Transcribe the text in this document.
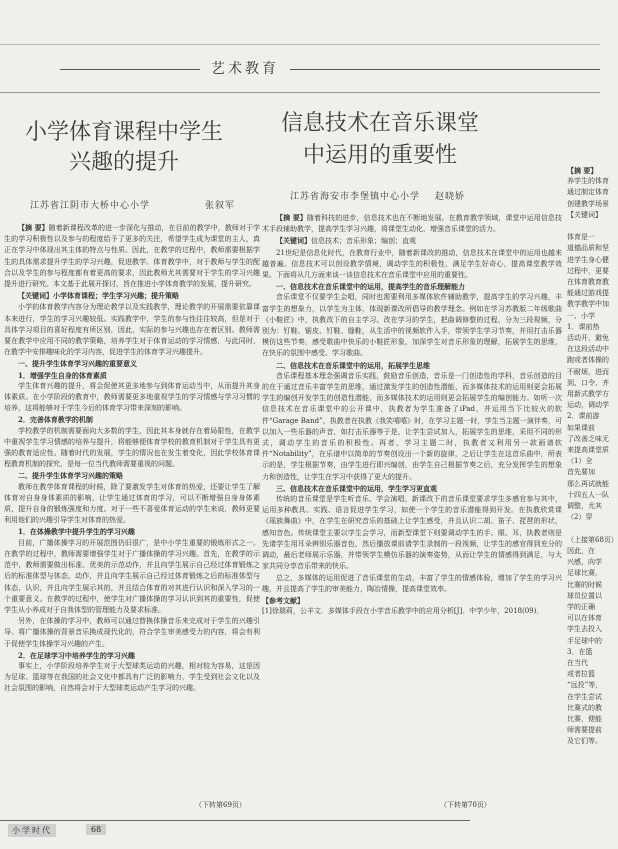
艺术教育
小学体育课程中学生
兴趣的提升
江苏省江阴市大桥中心小学	张叙军

【摘 要】随着新课程改革的进一步深化与推动，在目前的教学中，教师对于学生的学习积极性以及参与的程度给予了更多的关注，希望学生成为课堂的主人，真正在学习中体现出其主体的特点与性质。因此，在教学的过程中，教师需要根据学生的具体需求提升学生的学习兴趣，促进教学。体育教学中，对于教师与学生的配合以及学生的参与程度都有着更高的要求，因此教师尤其需要对于学生的学习兴趣提升进行研究。本文基于此展开探讨，旨在推进小学体育教学的发展，提升研究。

【关键词】小学体育课程；学生学习兴趣；提升策略

小学的体育教学内容分为理论教学以及实践教学，理论教学的开展需要依靠课本来进行，学生的学习兴趣较低。实践教学中，学生的参与性往往较高，但是对于具体学习项目的喜好程度有所区别，因此，实际的参与兴趣也存在着区别。教师需要在教学中应用不同的教学策略，培养学生对于体育运动的学习情感，与此同时，在教学中安排趣味化的学习内容，促进学生的体育学习兴趣提升。

一、提升学生体育学习兴趣的重要意义

1．增强学生自身的体育素质

学生体育兴趣的提升，将会促使其更多地参与到体育运动当中，从而提升其身体素质。在小学阶段的教育中，教师需要更多地重视学生的学习情感与学习习惯的培养，这将能够对于学生今后的体育学习带来深刻的影响。

2．完善体育教学的机制

学校教学的机制需要面向大多数的学生，因此其本身就存在着局限性，在教学中重视学生学习情感的培养与提升，将能够便体育学校的教育机制对于学生具有更强的教育适应性。随着时代的发展，学生的情况也在发生着变化，因此学校体育课程教育机制的探究，是每一位当代教师需要重视的问题。

二、提升学生体育学习兴趣的策略

教师在教学体育课程的时候，除了要激发学生对体育的热爱，还要让学生了解体育对自身身体素质的影响，让学生通过体育的学习，可以不断增强自身身体素质，提升自身的锻炼强度和力度。对于一些不喜爱体育运动的学生来说，教师更要利用他们的兴趣引导学生对体育的热爱。

1．在体操教学中提升学生的学习兴趣

目前，广播体操学习的开展范围仍旧很广，是中小学生重要的锻炼形式之一。在教学的过程中，教师需要增强学生对于广播体操的学习兴趣。首先，在教学的示范中，教师需要做出标准、优美的示范动作，并且向学生展示自己经过体育锻炼之后的标准体型与体态，动作，并且向学生展示自己经过体育锻炼之后的标准体型与体态，认识，并且向学生展示其的，并且结合体育的对其进行认识和深入学习的一个重要意义。在教学的过程中，使学生对广播体操的学习认识到其的重要性，促使学生从小养成对于自我体型的管理能力及要求标准。

另外，在体操的学习中，教师可以通过替换体操音乐来完成对于学生的兴趣引导。将广播体操的背景音乐换成现代化的，符合学生审美感受力的内容，将会有利于促使学生体操学习兴趣的产生。

2．在足球学习中培养学生的学习兴趣

事实上，小学阶段培养学生对于大型球类运动的兴趣，相对较为容易，这是因为足球、篮球等在我国的社会文化中都具有广泛的影响力，学生受到社会文化以及社会氛围的影响，自然将会对于大型球类运动产生学习的兴趣。

（下转第69页）
信息技术在音乐课堂
中运用的重要性
江苏省海安市李堡镇中心小学 赵晓娇

【摘 要】随着科技的进步，信息技术也在不断地发展。在教育教学领域，课堂中运用信息技术手段辅助教学，提高学生学习兴趣，将课堂生动化，增强音乐课堂的活力。

【关键词】信息技术；音乐形象；编创；直观

21世纪是信息化时代，在教育行业中，随着新课改的推动，信息技术在课堂中的运用也越来越普遍。信息技术可以创设教学情境，调动学生的积极性，满足学生好奇心，提高课堂教学效果。下面将从几方面来谈一谈信息技术在音乐课堂中应用的重要性。

一、信息技术在音乐课堂中的运用，提高学生的音乐理解能力

音乐课堂不仅要学生会唱，同时也需要利用多媒体软件辅助教学，提高学生的学习兴趣，丰富学生的想象力，以学生为主体，体现新课改所倡导的教学理念。例如在学习苏教版二年级歌曲《小鞋匠》中，执教改下的自主学习。改在学习的学生，把曲调修整的过程，分为三段视频，分别为：钉鞋、锯皮、钉鞋、缝鞋，从生活中的视频软件入手，带领学生学习节奏，并用打击乐器模仿这些节奏，感受歌曲中快乐的小鞋匠形象，加深学生对音乐形象的理解，拓展学生的思维，在快乐的氛围中感受、学习歌曲。

二、信息技术在音乐课堂中的运用，拓展学生思维

音乐课程基本理念强调音乐实践，鼓励音乐创造，音乐是一门创造性的学科，音乐创造的目的在于通过音乐丰富学生的思维，通过激发学生的创造性潜能，而多媒体技术的运用则更会拓展学生的编创开发学生的创造性潜能，而多媒体技术的运用则更会拓展学生的编创能力。如听一次信息技术在音乐课堂中的公开课中，执教者为学生准备了iPad，并运用当下比较火的软件“Garage Band”，执教者在执教《我笑嘻嘻》时，在学习主题一时，学生当主题一演伴奏，可以加入一些乐器的声音，如打击乐器等于是，让学生尝试加入，拓展学生的思维，采用不同的形式，调动学生的音乐的积极性。再者，学习主题二时，执教者又利用另一款画谱软件“Notability”，在乐谱中以简单的节奏创设出一个新的旋律，之后让学生在这首乐曲中，所表示的是，学生根据节奏，由学生进行即兴编创，由学生自己根据节奏之后，充分发挥学生的想象力和创造性，让学生在学习中获得了更大的提升。

三、信息技术在音乐课堂中的运用，学生学习更直观

传统的音乐课堂是学生听音乐、学会演唱，新课改下的音乐课堂要求学生多感官参与其中，运用多种教具、实践、语言促进学生学习，如使一个学生的音乐潜能得到开发。在执教欣赏课《瑶族舞曲》中，在学生在研究音乐的基础上让学生感受，并且认识二胡、笛子、琵琶的形状，感知音色。传统课堂主要以学生会学习，而新型课堂下则要调动学生的手、眼、耳，执教者则是先请学生用耳朵辨别乐器音色，然后播放课前请学生录制的一段视频，让学生的感官得到充分的调动，最后老师展示乐器，并带领学生模仿乐器的演奏姿势，从而让学生的情感得到满足，与大家共同分享音乐带来的快乐。

总之，多媒体的运用促进了音乐课堂的生动，丰富了学生的情感体验，增加了学生的学习兴趣，并且提高了学生的审美能力，陶冶情操，提高课堂效率。

【参考文献】

[1]徐瑞莉，公丰文．多媒体手段在小学音乐教学中的应用分析[J]．中学少年，2018(09)．

（下转第70页）

【摘 要】

养学生的体育

通过制定体育

创建教学场景

【关键词】

体育是一

道德品质和坚

进学生身心健

过程中，更要

在体育教育教

能通过游戏提

教学教学中加

一、小学

1．课前热

活动开，避免

在这段活动中

跑或者体操的

不耐烦，进而

到、口令、齐

用新式教学方

运动，调动学

2．课前游

如果课前

了改善乏味无

来提高课堂质

（1）全

首先要加

那么再试就能

十四五人一队

调整，尤其

（2）穿

（上接第68页）

因此，在

兴感，向学

足球比赛，

比赛的时候

球员位置以

学的正确

可以在体育

学生去投入

手足球中的

3．在篮

在当代

或者拉篮

“远投”等，

在学生尝试

比赛式的教

比赛，便能

师需要提前

及它们等。

小学时代	68
